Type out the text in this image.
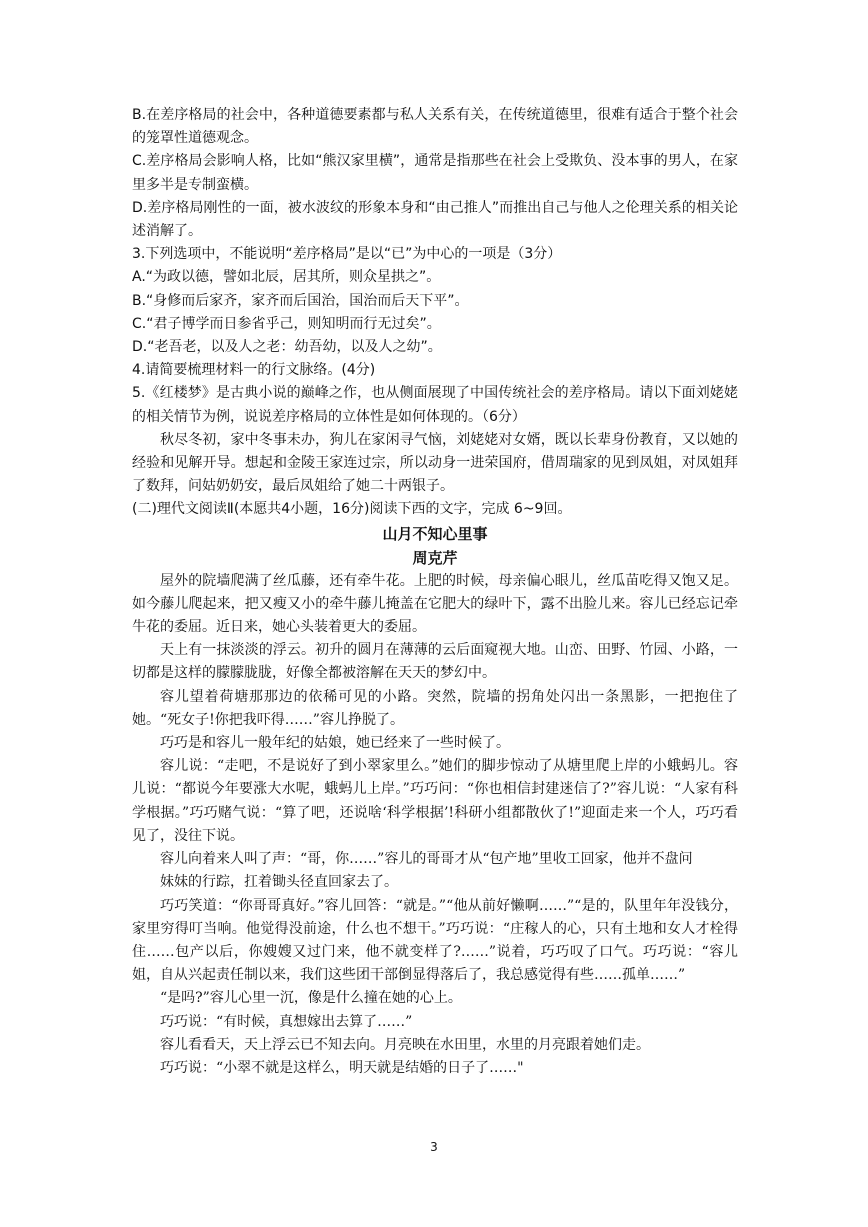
B.在差序格局的社会中，各种道德要素都与私人关系有关，在传统道德里，很难有适合于整个社会的笼罩性道德观念。

C.差序格局会影响人格，比如“熊汉家里横”，通常是指那些在社会上受欺负、没本事的男人，在家里多半是专制蛮横。

D.差序格局刚性的一面，被水波纹的形象本身和“由己推人”而推出自己与他人之伦理关系的相关论述消解了。

3.下列选项中，不能说明“差序格局”是以“已”为中心的一项是（3分）

A.“为政以德，譬如北辰，居其所，则众星拱之”。

B.“身修而后家齐，家齐而后国治，国治而后天下平”。

C.“君子博学而日参省乎己，则知明而行无过矣”。

D.“老吾老，以及人之老：幼吾幼，以及人之幼”。

4.请简要梳理材料一的行文脉络。(4分)

5.《红楼梦》是古典小说的巅峰之作，也从侧面展现了中国传统社会的差序格局。请以下面刘姥姥的相关情节为例，说说差序格局的立体性是如何体现的。（6分）

秋尽冬初，家中冬事未办，狗儿在家闲寻气恼，刘姥姥对女婿，既以长辈身份教育，又以她的经验和见解开导。想起和金陵王家连过宗，所以动身一进荣国府，借周瑞家的见到凤姐，对凤姐拜了数拜，问姑奶奶安，最后凤姐给了她二十两银子。

(二)理代文阅读Ⅱ(本愿共4小题，16分)阅读下西的文字，完成 6~9回。

山月不知心里事

周克芹

屋外的院墙爬满了丝瓜藤，还有牵牛花。上肥的时候，母亲偏心眼儿，丝瓜苗吃得又饱又足。如今藤儿爬起来，把又瘦又小的牵牛藤儿掩盖在它肥大的绿叶下，露不出脸儿来。容儿已经忘记牵牛花的委屈。近日来，她心头装着更大的委屈。

天上有一抹淡淡的浮云。初升的圆月在薄薄的云后面窥视大地。山峦、田野、竹园、小路，一切都是这样的朦朦胧胧，好像全都被溶解在天天的梦幻中。

容儿望着荷塘那那边的依稀可见的小路。突然，院墙的拐角处闪出一条黑影，一把抱住了她。“死女子!你把我吓得……”容儿挣脱了。

巧巧是和容儿一般年纪的姑娘，她已经来了一些时候了。

容儿说：“走吧，不是说好了到小翠家里么。”她们的脚步惊动了从塘里爬上岸的小蛾蚂儿。容儿说：“都说今年要涨大水呢，蛾蚂儿上岸。”巧巧问：“你也相信封建迷信了?”容儿说：“人家有科学根据。”巧巧赌气说：“算了吧，还说啥‘科学根据’!科研小组都散伙了!”迎面走来一个人，巧巧看见了，没往下说。

容儿向着来人叫了声：“哥，你……”容儿的哥哥才从“包产地”里收工回家，他并不盘问

妹妹的行踪，扛着锄头径直回家去了。

巧巧笑道：“你哥哥真好。”容儿回答：“就是。”“他从前好懒啊……”“是的，队里年年没钱分，家里穷得叮当响。他觉得没前途，什么也不想干。”巧巧说：“庄稼人的心，只有土地和女人才栓得住……包产以后，你嫂嫂又过门来，他不就变样了?……”说着，巧巧叹了口气。巧巧说：“容儿姐，自从兴起责任制以来，我们这些团干部倒显得落后了，我总感觉得有些……孤单……”

“是吗?”容儿心里一沉，像是什么撞在她的心上。

巧巧说：“有时候，真想嫁出去算了……”

容儿看看天，天上浮云已不知去向。月亮映在水田里，水里的月亮跟着她们走。

巧巧说：“小翠不就是这样么，明天就是结婚的日子了……"

3
